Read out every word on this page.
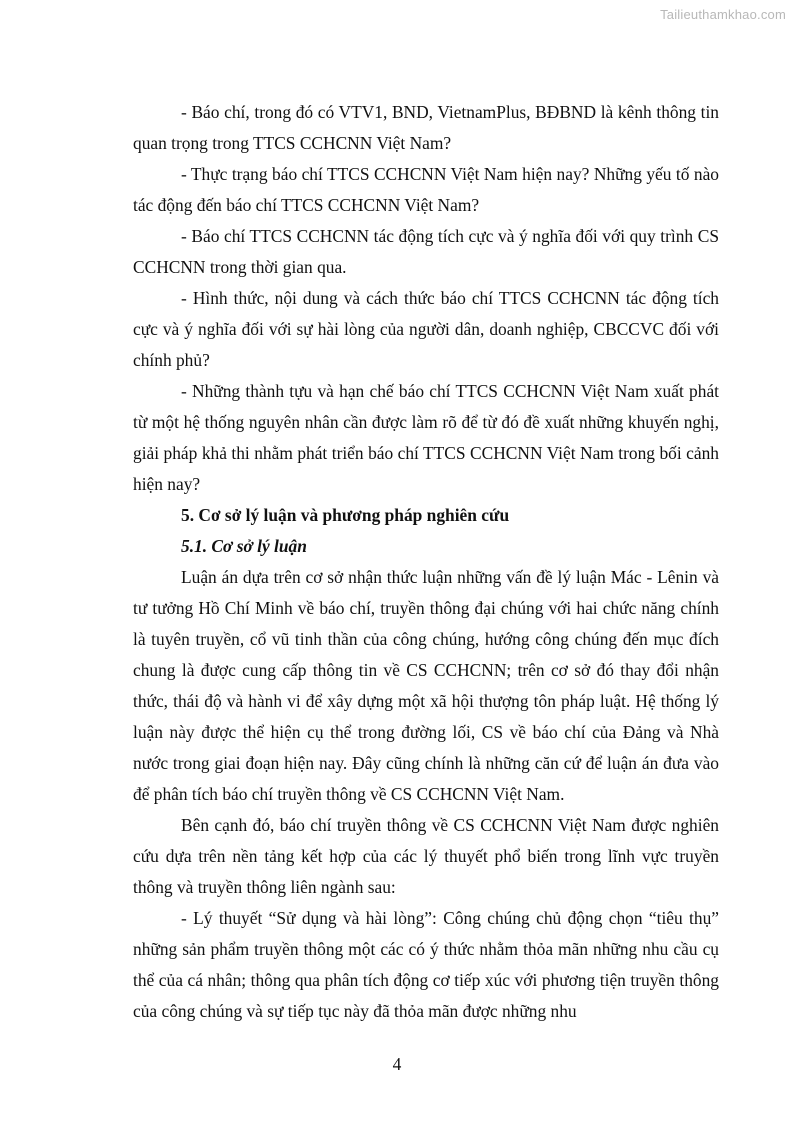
Tailieuthamkhao.com

- Báo chí, trong đó có VTV1, BND, VietnamPlus, BĐBND là kênh thông tin quan trọng trong TTCS CCHCNN Việt Nam?

- Thực trạng báo chí TTCS CCHCNN Việt Nam hiện nay? Những yếu tố nào tác động đến báo chí TTCS CCHCNN Việt Nam?

- Báo chí TTCS CCHCNN tác động tích cực và ý nghĩa đối với quy trình CS CCHCNN trong thời gian qua.

- Hình thức, nội dung và cách thức báo chí TTCS CCHCNN tác động tích cực và ý nghĩa đối với sự hài lòng của người dân, doanh nghiệp, CBCCVC đối với chính phủ?

- Những thành tựu và hạn chế báo chí TTCS CCHCNN Việt Nam xuất phát từ một hệ thống nguyên nhân cần được làm rõ để từ đó đề xuất những khuyến nghị, giải pháp khả thi nhằm phát triển báo chí TTCS CCHCNN Việt Nam trong bối cảnh hiện nay?

5. Cơ sở lý luận và phương pháp nghiên cứu

5.1. Cơ sở lý luận

Luận án dựa trên cơ sở nhận thức luận những vấn đề lý luận Mác - Lênin và tư tưởng Hồ Chí Minh về báo chí, truyền thông đại chúng với hai chức năng chính là tuyên truyền, cổ vũ tinh thần của công chúng, hướng công chúng đến mục đích chung là được cung cấp thông tin về CS CCHCNN; trên cơ sở đó thay đổi nhận thức, thái độ và hành vi để xây dựng một xã hội thượng tôn pháp luật. Hệ thống lý luận này được thể hiện cụ thể trong đường lối, CS về báo chí của Đảng và Nhà nước trong giai đoạn hiện nay. Đây cũng chính là những căn cứ để luận án đưa vào để phân tích báo chí truyền thông về CS CCHCNN Việt Nam.

Bên cạnh đó, báo chí truyền thông về CS CCHCNN Việt Nam được nghiên cứu dựa trên nền tảng kết hợp của các lý thuyết phổ biến trong lĩnh vực truyền thông và truyền thông liên ngành sau:

- Lý thuyết “Sử dụng và hài lòng”: Công chúng chủ động chọn “tiêu thụ” những sản phẩm truyền thông một các có ý thức nhằm thỏa mãn những nhu cầu cụ thể của cá nhân; thông qua phân tích động cơ tiếp xúc với phương tiện truyền thông của công chúng và sự tiếp tục này đã thỏa mãn được những nhu

4
